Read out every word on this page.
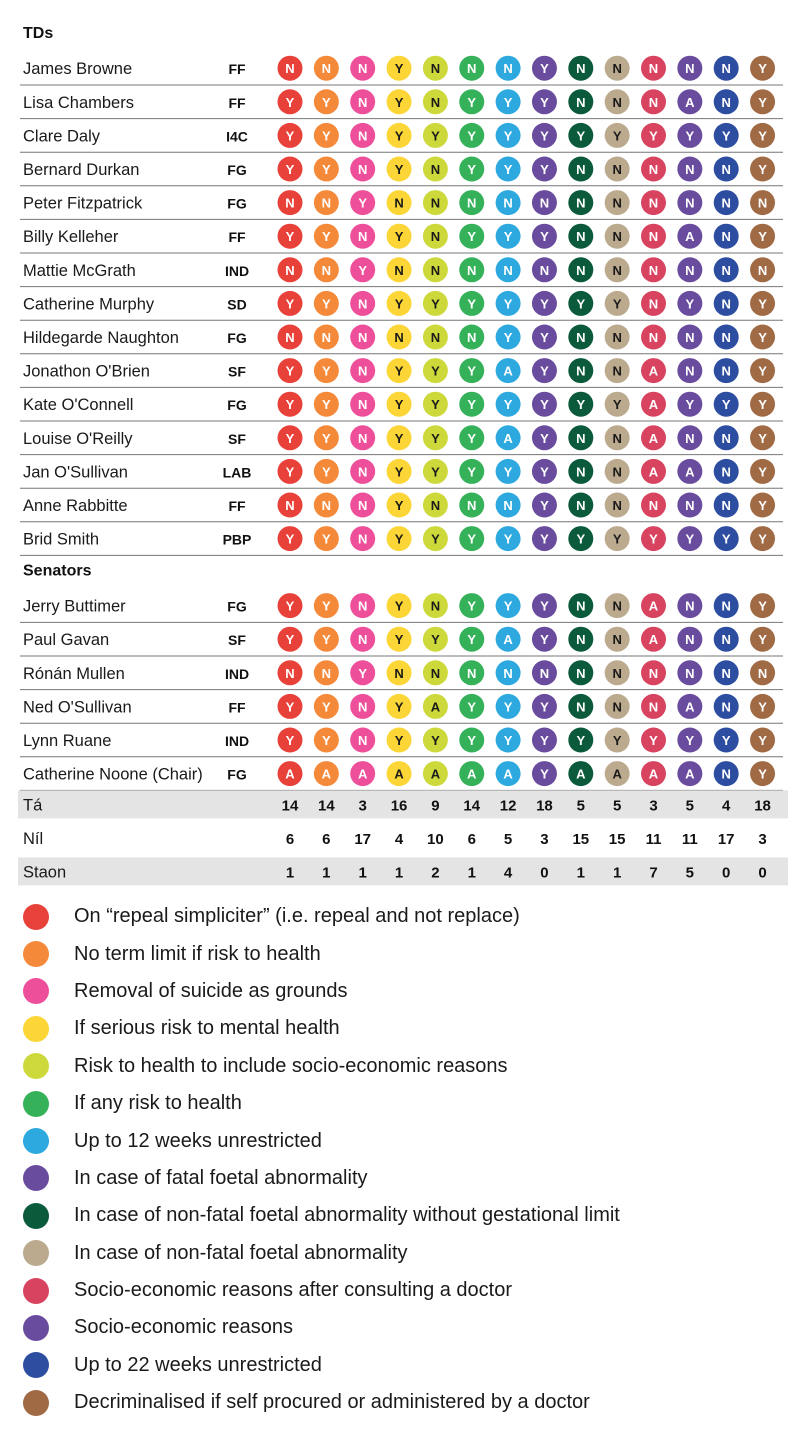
TDs
James Browne	FF	N N N Y N N N Y N N N N N Y
Lisa Chambers	FF	Y Y N Y N Y Y Y N N N A N Y
Clare Daly	I4C	Y Y N Y Y Y Y Y Y Y Y Y Y Y
Bernard Durkan	FG	Y Y N Y N Y Y Y N N N N N Y
Peter Fitzpatrick	FG	N N Y N N N N N N N N N N N
Billy Kelleher	FF	Y Y N Y N Y Y Y N N N A N Y
Mattie McGrath	IND	N N Y N N N N N N N N N N N
Catherine Murphy	SD	Y Y N Y Y Y Y Y Y Y N Y N Y
Hildegarde Naughton	FG	N N N N N N Y Y N N N N N Y
Jonathon O'Brien	SF	Y Y N Y Y Y A Y N N A N N Y
Kate O'Connell	FG	Y Y N Y Y Y Y Y Y Y A Y Y Y
Louise O'Reilly	SF	Y Y N Y Y Y A Y N N A N N Y
Jan O'Sullivan	LAB	Y Y N Y Y Y Y Y N N A A N Y
Anne Rabbitte	FF	N N N Y N N N Y N N N N N Y
Brid Smith	PBP	Y Y N Y Y Y Y Y Y Y Y Y Y Y
Senators
Jerry Buttimer	FG	Y Y N Y N Y Y Y N N A N N Y
Paul Gavan	SF	Y Y N Y Y Y A Y N N A N N Y
Rónán Mullen	IND	N N Y N N N N N N N N N N N
Ned O'Sullivan	FF	Y Y N Y A Y Y Y N N N A N Y
Lynn Ruane	IND	Y Y N Y Y Y Y Y Y Y Y Y Y Y
Catherine Noone (Chair) FG	A A A A A A A Y A A A A N Y
Tá	14 14 3 16 9 14 12 18 5 5 3 5 4 18
Níl	6 6 17 4 10 6 5 3 15 15 11 11 17 3
Staon	1 1 1 1 2 1 4 0 1 1 7 5 0 0
On “repeal simpliciter” (i.e. repeal and not replace)
No term limit if risk to health
Removal of suicide as grounds
If serious risk to mental health
Risk to health to include socio-economic reasons
If any risk to health
Up to 12 weeks unrestricted
In case of fatal foetal abnormality
In case of non-fatal foetal abnormality without gestational limit
In case of non-fatal foetal abnormality
Socio-economic reasons after consulting a doctor
Socio-economic reasons
Up to 22 weeks unrestricted
Decriminalised if self procured or administered by a doctor
